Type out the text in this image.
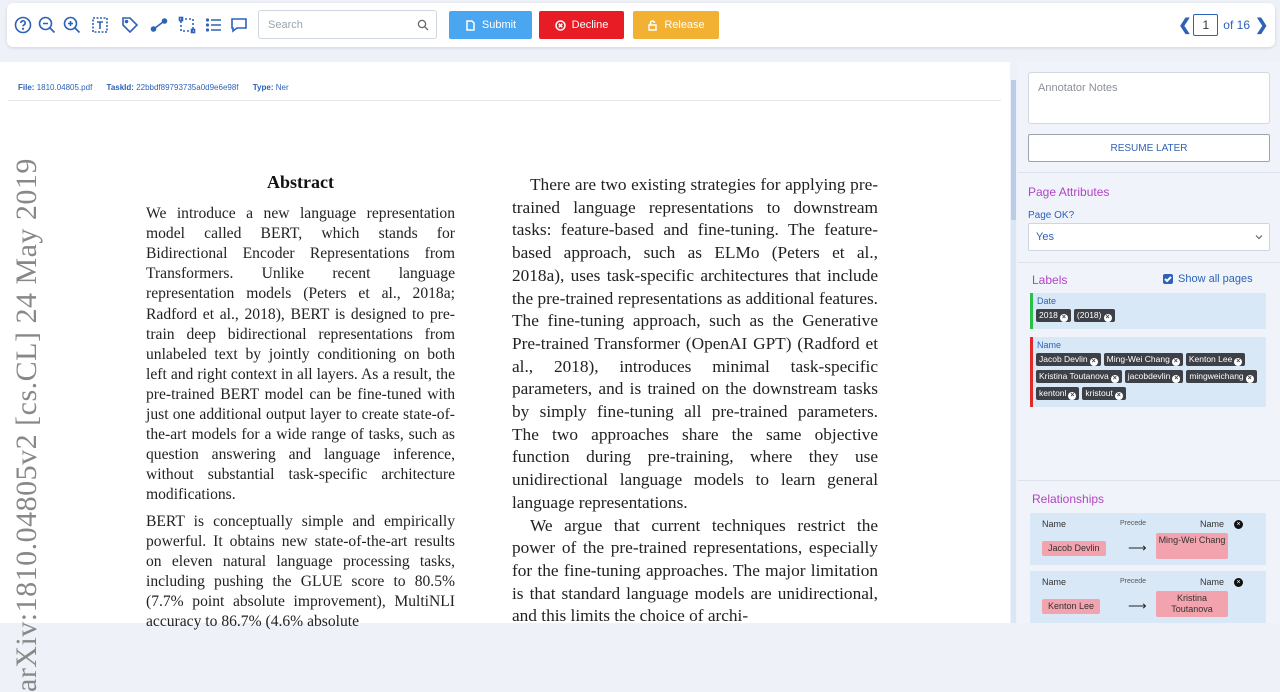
Search
Submit	Decline	Release	❮ 1	of 16 ❯
File: 1810.04805.pdf TaskId: 22bbdf89793735a0d9e6e98f Type: Ner
arXiv:1810.04805v2 [cs.CL] 24 May 2019	Abstract
We introduce a new language representation model called BERT, which stands for Bidirectional Encoder Representations from Transformers. Unlike recent language representation models (Peters et al., 2018a; Radford et al., 2018), BERT is designed to pre-train deep bidirectional representations from unlabeled text by jointly conditioning on both left and right context in all layers. As a result, the pre-trained BERT model can be fine-tuned with just one additional output layer to create state-of-the-art models for a wide range of tasks, such as question answering and language inference, without substantial task-specific architecture modifications.
BERT is conceptually simple and empirically powerful. It obtains new state-of-the-art results on eleven natural language processing tasks, including pushing the GLUE score to 80.5% (7.7% point absolute improvement), MultiNLI accuracy to 86.7% (4.6% absolute
There are two existing strategies for applying pre-trained language representations to downstream tasks: feature-based and fine-tuning. The feature-based approach, such as ELMo (Peters et al., 2018a), uses task-specific architectures that include the pre-trained representations as additional features. The fine-tuning approach, such as the Generative Pre-trained Transformer (OpenAI GPT) (Radford et al., 2018), introduces minimal task-specific parameters, and is trained on the downstream tasks by simply fine-tuning all pre-trained parameters. The two approaches share the same objective function during pre-training, where they use unidirectional language models to learn general language representations.
We argue that current techniques restrict the power of the pre-trained representations, especially for the fine-tuning approaches. The major limitation is that standard language models are unidirectional, and this limits the choice of archi-
Annotator Notes
RESUME LATER
Page Attributes
Page OK?
Yes
Labels	Show all pages
Date
2018 × (2018) ×
Name
Jacob Devlin × Ming-Wei Chang × Kenton Lee ×Kristina Toutanova × jacobdevlin × mingweichang ×kentonl × kristout ×
Relationships
Name	Precede	Name	×
Jacob Devlin	⟶ Ming-Wei Chang
Name	Precede	Name	×
Kenton Lee	⟶	Kristina Toutanova
